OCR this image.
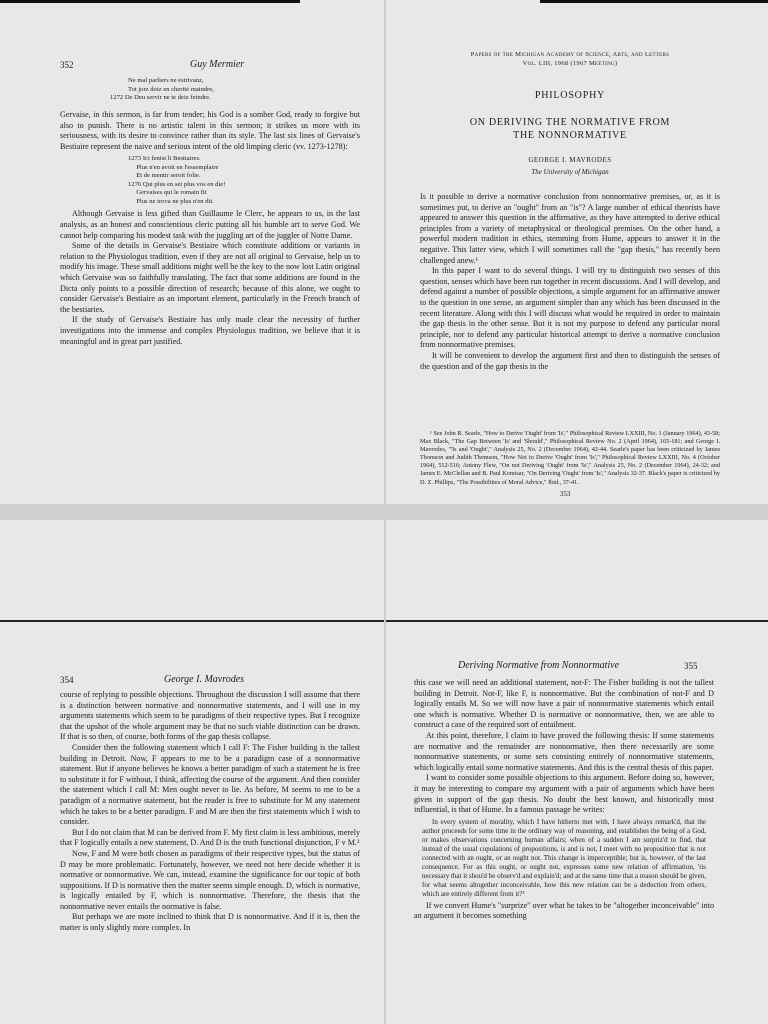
352	Guy Mermier
Ne mal parliers ne estrivanz,
Tot jorz doiz en cherité maindre,
1272 De Deu servir ne te deiz feindre.

Gervaise, in this sermon, is far from tender; his God is a somber God, ready to forgive but also to punish. There is no artistic talent in this sermon; it strikes us more with its seriousness, with its desire to convince rather than its style. The last six lines of Gervaise's Bestiaire represent the naive and serious intent of the old limping cleric (vv. 1273-1278):

1273 Ici fenist li Bestiaires.
Plus n'en avoit en l'essemplaire
Et de mentir seroit folie.
1276 Qui plus en set plus vos en die!
Gervaises qui le romain fit
Plus ne trova ne plus n'en dit.

Although Gervaise is less gifted than Guillaume le Clerc, he appears to us, in the last analysis, as an honest and conscientious cleric putting all his humble art to serve God. We cannot help comparing his modest task with the juggling art of the juggler of Notre Dame.

Some of the details in Gervaise's Bestiaire which constitute additions or variants in relation to the Physiologus tradition, even if they are not all original to Gervaise, help us to modify his image. These small additions might well be the key to the now lost Latin original which Gervaise was so faithfully translating. The fact that some additions are found in the Dicta only points to a possible direction of research; because of this alone, we ought to consider Gervaise's Bestiaire as an important element, particularly in the French branch of the bestiaries.

If the study of Gervaise's Bestiaire has only made clear the necessity of further investigations into the immense and complex Physiologus tradition, we believe that it is meaningful and in great part justified.

Papers of the Michigan Academy of Science, Arts, and Letters
Vol. LIII, 1968 (1967 Meeting)
PHILOSOPHY

ON DERIVING THE NORMATIVE FROM

THE NONNORMATIVE

GEORGE I. MAVRODES
The University of Michigan

Is it possible to derive a normative conclusion from nonnormative premises, or, as it is sometimes put, to derive an "ought" from an "is"? A large number of ethical theorists have appeared to answer this question in the affirmative, as they have attempted to derive ethical principles from a variety of metaphysical or theological premises. On the other hand, a powerful modern tradition in ethics, stemming from Hume, appears to answer it in the negative. This latter view, which I will sometimes call the "gap thesis," has recently been challenged anew.¹

In this paper I want to do several things. I will try to distinguish two senses of this question, senses which have been run together in recent discussions. And I will develop, and defend against a number of possible objections, a simple argument for an affirmative answer to the question in one sense, an argument simpler than any which has been discussed in the recent literature. Along with this I will discuss what would be required in order to maintain the gap thesis in the other sense. But it is not my purpose to defend any particular moral principle, nor to defend any particular historical attempt to derive a normative conclusion from nonnormative premises.

It will be convenient to develop the argument first and then to distinguish the senses of the question and of the gap thesis in the

¹ See John R. Searle, "How to Derive 'Ought' from 'Is'," Philosophical Review LXXIII, No. 1 (January 1964), 43-58; Max Black, "The Gap Between 'Is' and 'Should'," Philosophical Review No. 2 (April 1964), 165-181; and George I. Mavrodes, "'Is and 'Ought'," Analysis 25, No. 2 (December 1964), 42-44. Searle's paper has been criticized by James Thomson and Judith Thomson, "How Not to Derive 'Ought' from 'Is'," Philosophical Review LXXIII, No. 4 (October 1964), 512-516; Antony Flew, "On not Deriving 'Ought' from 'Is'," Analysis 25, No. 2 (December 1964), 24-32; and James E. McClellan and B. Paul Komisar, "On Deriving 'Ought' from 'Is'," Analysis 32-37. Black's paper is criticized by D. Z. Phillips, "The Possibilities of Moral Advice," Ibid., 37-41.

353
354	George I. Mavrodes

course of replying to possible objections. Throughout the discussion I will assume that there is a distinction between normative and nonnormative statements, and I will use in my arguments statements which seem to be paradigms of their respective types. But I recognize that the upshot of the whole argument may be that no such viable distinction can be drawn. If that is so then, of course, both forms of the gap thesis collapse.

Consider then the following statement which I call F: The Fisher building is the tallest building in Detroit. Now, F appears to me to be a paradigm case of a nonnormative statement. But if anyone believes he knows a better paradigm of such a statement he is free to substitute it for F without, I think, affecting the course of the argument. And then consider the statement which I call M: Men ought never to lie. As before, M seems to me to be a paradigm of a normative statement, but the reader is free to substitute for M any statement which he takes to be a better paradigm. F and M are then the first statements which I wish to consider.

But I do not claim that M can be derived from F. My first claim is less ambitious, merely that F logically entails a new statement, D. And D is the truth functional disjunction, F v M.²

Now, F and M were both chosen as paradigms of their respective types, but the status of D may be more problematic. Fortunately, however, we need not here decide whether it is normative or nonnormative. We can, instead, examine the significance for our topic of both suppositions. If D is normative then the matter seems simple enough. D, which is normative, is logically entailed by F, which is nonnormative. Therefore, the thesis that the nonnormative never entails the normative is false.

But perhaps we are more inclined to think that D is nonnormative. And if it is, then the matter is only slightly more complex. In

Deriving Normative from Nonnormative	355

this case we will need an additional statement, not-F: The Fisher building is not the tallest building in Detroit. Not-F, like F, is nonnormative. But the combination of not-F and D logically entails M. So we will now have a pair of nonnormative statements which entail one which is normative. Whether D is normative or nonnormative, then, we are able to construct a case of the required sort of entailment.

At this point, therefore, I claim to have proved the following thesis: If some statements are normative and the remainder are nonnormative, then there necessarily are some nonnormative statements, or some sets consisting entirely of nonnormative statements, which logically entail some normative statements. And this is the central thesis of this paper.

I want to consider some possible objections to this argument. Before doing so, however, it may be interesting to compare my argument with a pair of arguments which have been given in support of the gap thesis. No doubt the best known, and historically most influential, is that of Hume. In a famous passage he writes:

In every system of morality, which I have hitherto met with, I have always remark'd, that the author proceeds for some time in the ordinary way of reasoning, and establishes the being of a God, or makes observations concerning human affairs; when of a sudden I am surpriz'd to find, that instead of the usual copulations of propositions, is and is not, I meet with no proposition that is not connected with an ought, or an ought not. This change is imperceptible; but is, however, of the last consequence. For as this ought, or ought not, expresses some new relation of affirmation, 'tis necessary that it shou'd be observ'd and explain'd; and at the same time that a reason should be given, for what seems altogether inconceivable, how this new relation can be a deduction from others, which are entirely different from it?³

If we convert Hume's "surprize" over what he takes to be "altogether inconceivable" into an argument it becomes something
